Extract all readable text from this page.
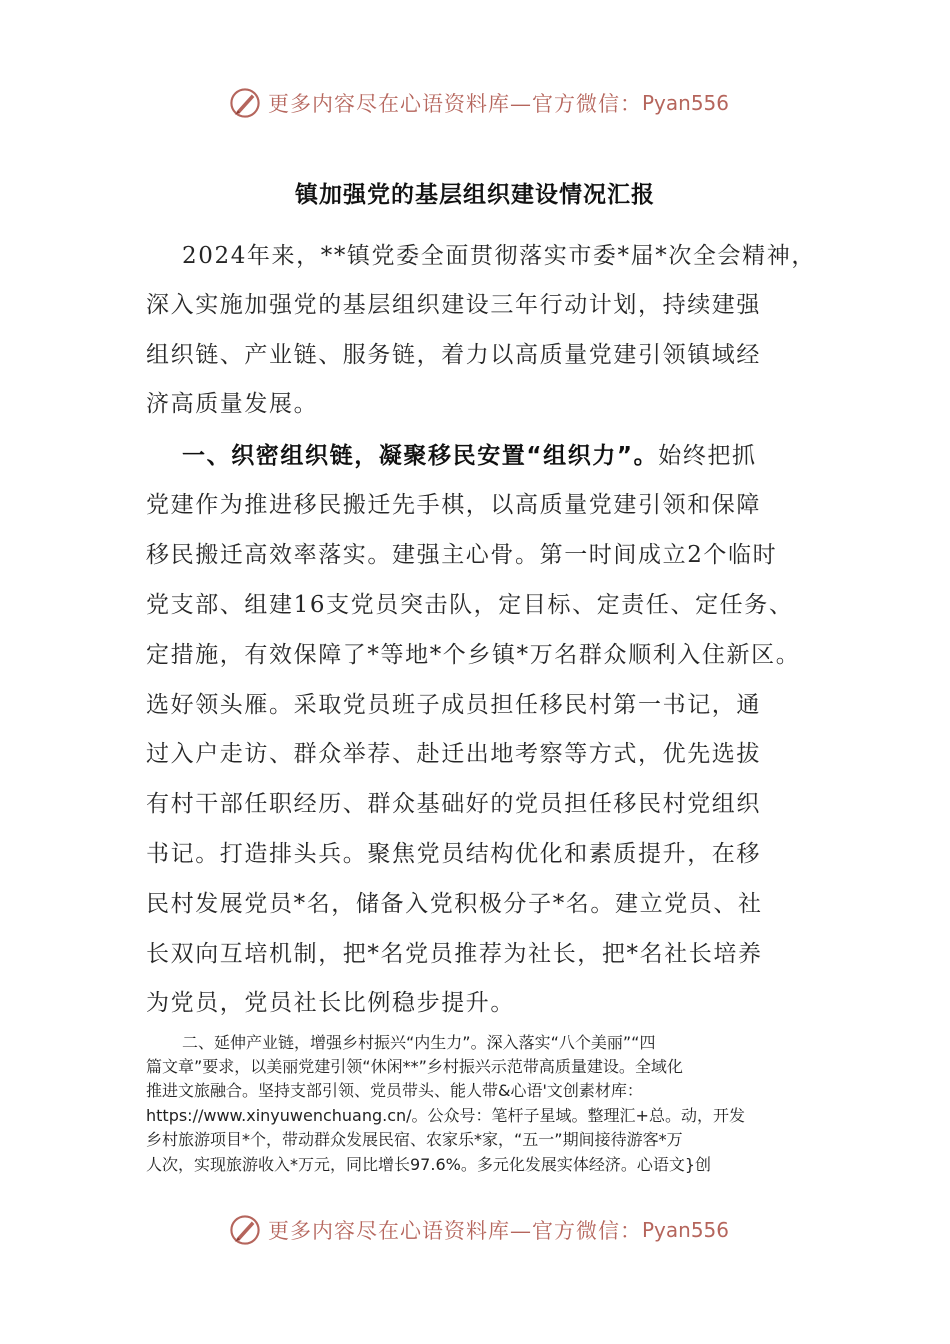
更多内容尽在心语资料库—官方微信： Pyan556
镇加强党的基层组织建设情况汇报
2024年来，**镇党委全面贯彻落实市委*届*次全会精神，
深入实施加强党的基层组织建设三年行动计划，持续建强
组织链、产业链、服务链，着力以高质量党建引领镇域经
济高质量发展。
一、织密组织链，凝聚移民安置“组织力”。始终把抓
党建作为推进移民搬迁先手棋，以高质量党建引领和保障
移民搬迁高效率落实。建强主心骨。第一时间成立2个临时
党支部、组建16支党员突击队，定目标、定责任、定任务、
定措施，有效保障了*等地*个乡镇*万名群众顺利入住新区。
选好领头雁。采取党员班子成员担任移民村第一书记，通
过入户走访、群众举荐、赴迁出地考察等方式，优先选拔
有村干部任职经历、群众基础好的党员担任移民村党组织
书记。打造排头兵。聚焦党员结构优化和素质提升，在移
民村发展党员*名，储备入党积极分子*名。建立党员、社
长双向互培机制，把*名党员推荐为社长，把*名社长培养
为党员，党员社长比例稳步提升。
二、延伸产业链，增强乡村振兴“内生力”。深入落实“八个美丽”“四
篇文章”要求，以美丽党建引领“休闲**”乡村振兴示范带高质量建设。全域化
推进文旅融合。坚持支部引领、党员带头、能人带&心语'文创素材库：
https://www.xinyuwenchuang.cn/。公众号：笔杆子星域。整理汇+总。动，开发
乡村旅游项目*个，带动群众发展民宿、农家乐*家，“五一”期间接待游客*万
人次，实现旅游收入*万元，同比增长97.6%。多元化发展实体经济。心语文}创
更多内容尽在心语资料库—官方微信： Pyan556
